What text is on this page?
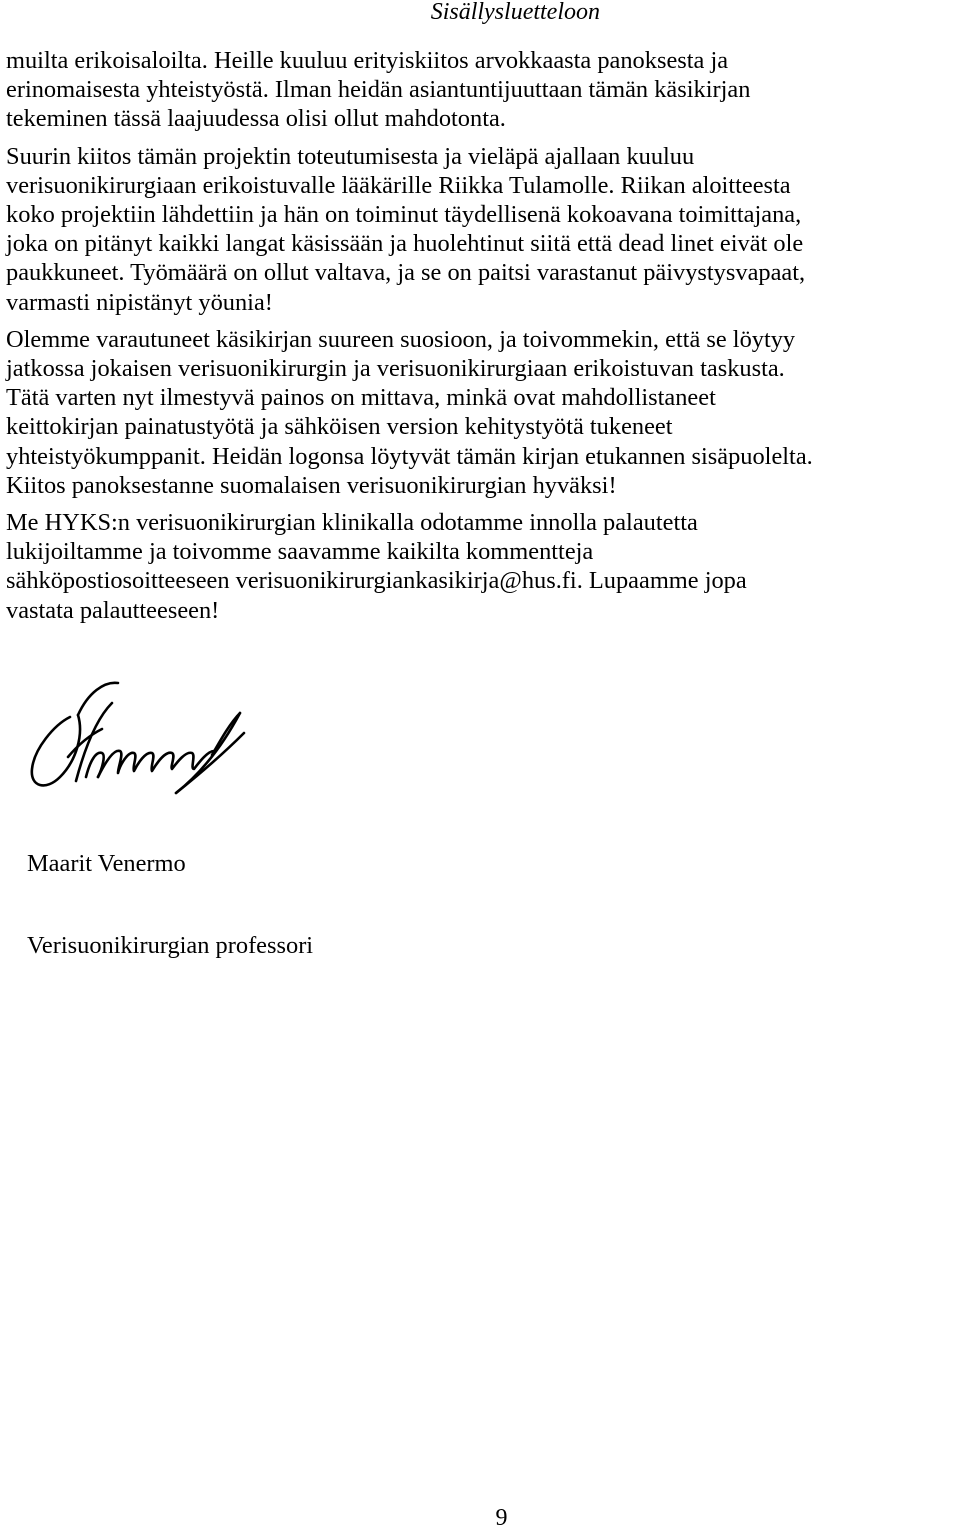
Sisällysluetteloon

muilta erikoisaloilta. Heille kuuluu erityiskiitos arvokkaasta panoksesta ja
erinomaisesta yhteistyöstä. Ilman heidän asiantuntijuuttaan tämän käsikirjan
tekeminen tässä laajuudessa olisi ollut mahdotonta.

Suurin kiitos tämän projektin toteutumisesta ja vieläpä ajallaan kuuluu
verisuonikirurgiaan erikoistuvalle lääkärille Riikka Tulamolle. Riikan aloitteesta
koko projektiin lähdettiin ja hän on toiminut täydellisenä kokoavana toimittajana,
joka on pitänyt kaikki langat käsissään ja huolehtinut siitä että dead linet eivät ole
paukkuneet. Työmäärä on ollut valtava, ja se on paitsi varastanut päivystysvapaat,
varmasti nipistänyt yöunia!

Olemme varautuneet käsikirjan suureen suosioon, ja toivommekin, että se löytyy
jatkossa jokaisen verisuonikirurgin ja verisuonikirurgiaan erikoistuvan taskusta.
Tätä varten nyt ilmestyvä painos on mittava, minkä ovat mahdollistaneet
keittokirjan painatustyötä ja sähköisen version kehitystyötä tukeneet
yhteistyökumppanit. Heidän logonsa löytyvät tämän kirjan etukannen sisäpuolelta.
Kiitos panoksestanne suomalaisen verisuonikirurgian hyväksi!

Me HYKS:n verisuonikirurgian klinikalla odotamme innolla palautetta
lukijoiltamme ja toivomme saavamme kaikilta kommentteja
sähköpostiosoitteeseen verisuonikirurgiankasikirja@hus.fi. Lupaamme jopa
vastata palautteeseen!

Maarit Venermo

Verisuonikirurgian professori

9
